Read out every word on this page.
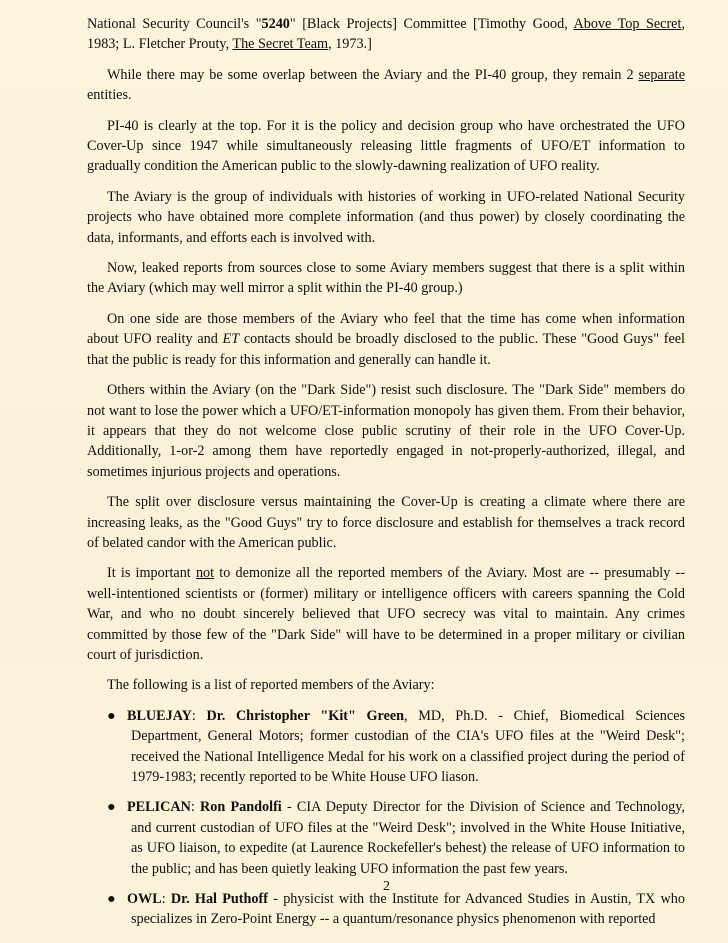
National Security Council's "5240" [Black Projects] Committee [Timothy Good, Above Top Secret, 1983; L. Fletcher Prouty, The Secret Team, 1973.]

While there may be some overlap between the Aviary and the PI-40 group, they remain 2 separate entities.

PI-40 is clearly at the top. For it is the policy and decision group who have orchestrated the UFO Cover-Up since 1947 while simultaneously releasing little fragments of UFO/ET information to gradually condition the American public to the slowly-dawning realization of UFO reality.

The Aviary is the group of individuals with histories of working in UFO-related National Security projects who have obtained more complete information (and thus power) by closely coordinating the data, informants, and efforts each is involved with.

Now, leaked reports from sources close to some Aviary members suggest that there is a split within the Aviary (which may well mirror a split within the PI-40 group.)

On one side are those members of the Aviary who feel that the time has come when information about UFO reality and ET contacts should be broadly disclosed to the public. These "Good Guys" feel that the public is ready for this information and generally can handle it.

Others within the Aviary (on the "Dark Side") resist such disclosure. The "Dark Side" members do not want to lose the power which a UFO/ET-information monopoly has given them. From their behavior, it appears that they do not welcome close public scrutiny of their role in the UFO Cover-Up. Additionally, 1-or-2 among them have reportedly engaged in not-properly-authorized, illegal, and sometimes injurious projects and operations.

The split over disclosure versus maintaining the Cover-Up is creating a climate where there are increasing leaks, as the "Good Guys" try to force disclosure and establish for themselves a track record of belated candor with the American public.

It is important not to demonize all the reported members of the Aviary. Most are -- presumably -- well-intentioned scientists or (former) military or intelligence officers with careers spanning the Cold War, and who no doubt sincerely believed that UFO secrecy was vital to maintain. Any crimes committed by those few of the "Dark Side" will have to be determined in a proper military or civilian court of jurisdiction.

The following is a list of reported members of the Aviary:

● BLUEJAY: Dr. Christopher "Kit" Green, MD, Ph.D. - Chief, Biomedical Sciences Department, General Motors; former custodian of the CIA's UFO files at the "Weird Desk"; received the National Intelligence Medal for his work on a classified project during the period of 1979-1983; recently reported to be White House UFO liason.
● PELICAN: Ron Pandolfi - CIA Deputy Director for the Division of Science and Technology, and current custodian of UFO files at the "Weird Desk"; involved in the White House Initiative, as UFO liaison, to expedite (at Laurence Rockefeller's behest) the release of UFO information to the public; and has been quietly leaking UFO information the past few years.
● OWL: Dr. Hal Puthoff - physicist with the Institute for Advanced Studies in Austin, TX who specializes in Zero-Point Energy -- a quantum/resonance physics phenomenon with reported
2
